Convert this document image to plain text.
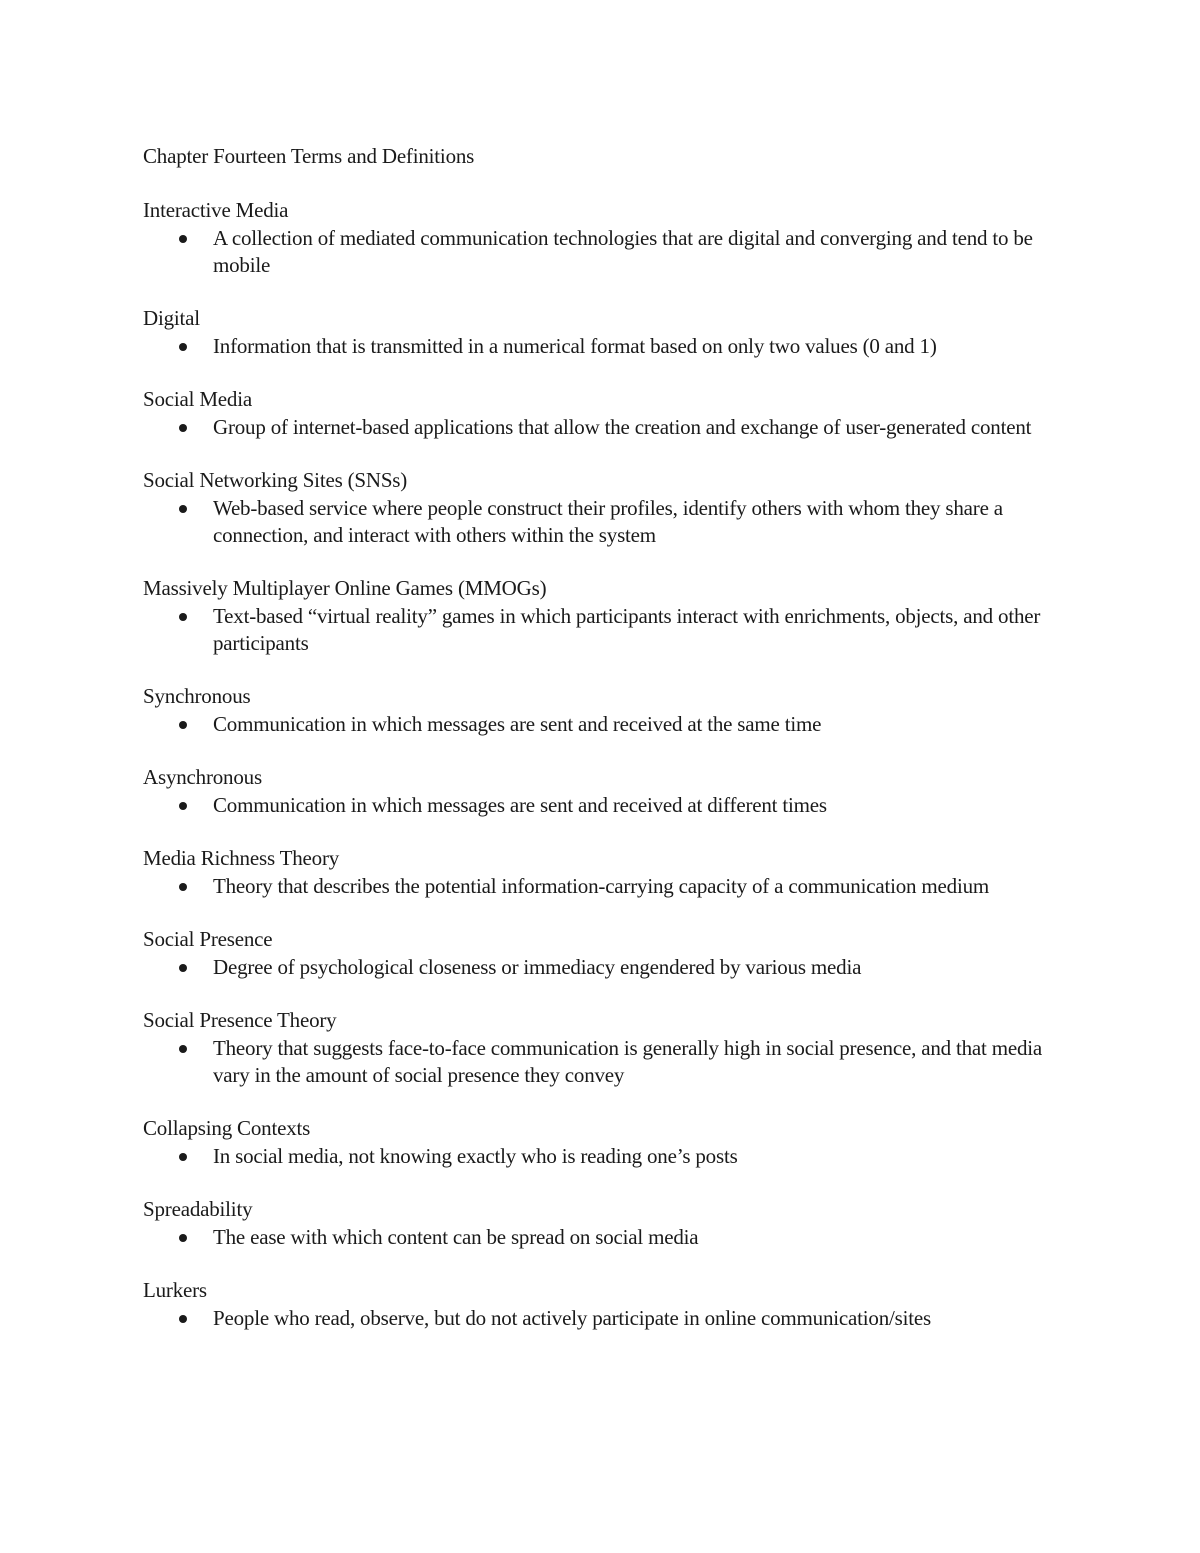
Chapter Fourteen Terms and Definitions
Interactive Media
A collection of mediated communication technologies that are digital and converging and tend to be mobile
Digital
Information that is transmitted in a numerical format based on only two values (0 and 1)
Social Media
Group of internet-based applications that allow the creation and exchange of user-generated content
Social Networking Sites (SNSs)
Web-based service where people construct their profiles, identify others with whom they share a connection, and interact with others within the system
Massively Multiplayer Online Games (MMOGs)
Text-based “virtual reality” games in which participants interact with enrichments, objects, and other participants
Synchronous
Communication in which messages are sent and received at the same time
Asynchronous
Communication in which messages are sent and received at different times
Media Richness Theory
Theory that describes the potential information-carrying capacity of a communication medium
Social Presence
Degree of psychological closeness or immediacy engendered by various media
Social Presence Theory
Theory that suggests face-to-face communication is generally high in social presence, and that media vary in the amount of social presence they convey
Collapsing Contexts
In social media, not knowing exactly who is reading one’s posts
Spreadability
The ease with which content can be spread on social media
Lurkers
People who read, observe, but do not actively participate in online communication/sites
